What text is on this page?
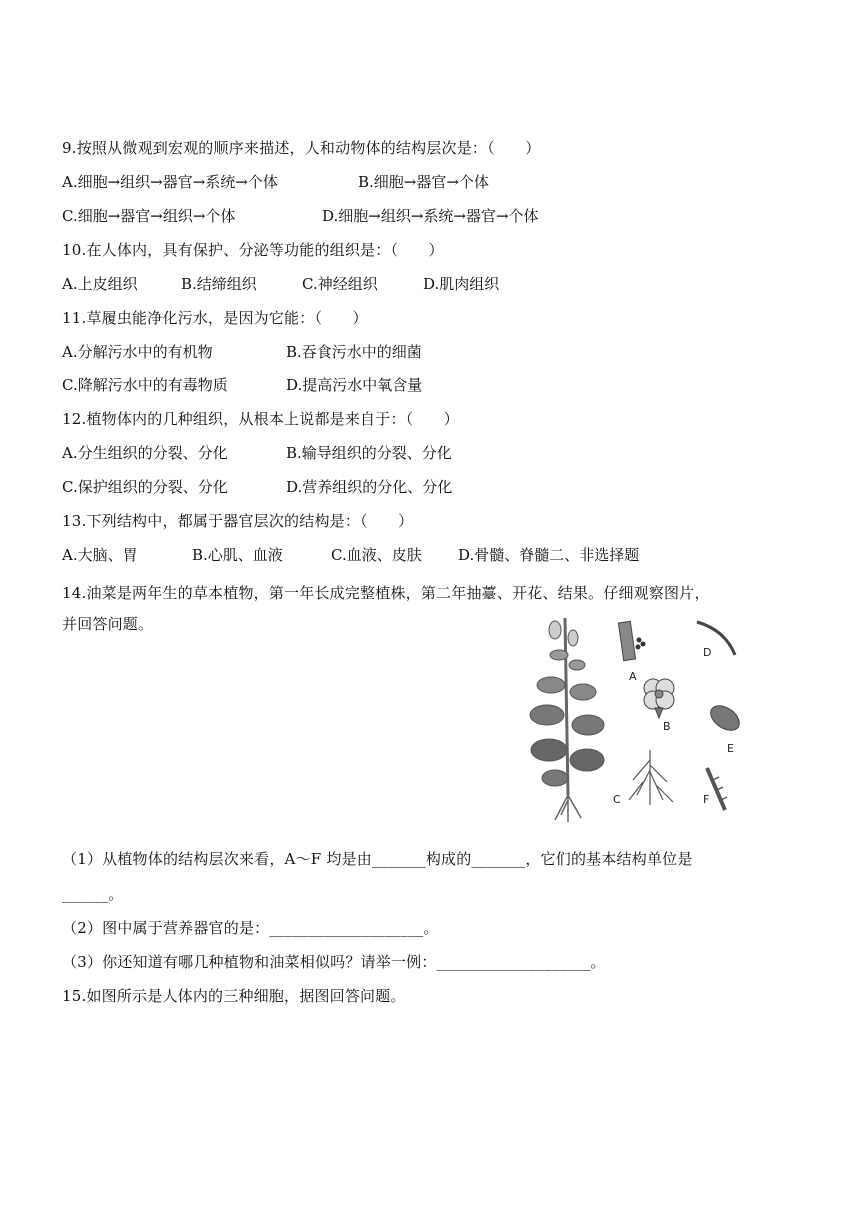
9.按照从微观到宏观的顺序来描述，人和动物体的结构层次是：（　　）
A.细胞→组织→器官→系统→个体	B.细胞→器官→个体
C.细胞→器官→组织→个体	D.细胞→组织→系统→器官→个体
10.在人体内，具有保护、分泌等功能的组织是：（　　）
A.上皮组织	B.结缔组织	C.神经组织	D.肌肉组织
11.草履虫能净化污水，是因为它能：（　　）
A.分解污水中的有机物	B.吞食污水中的细菌
C.降解污水中的有毒物质	D.提高污水中氧含量
12.植物体内的几种组织，从根本上说都是来自于：（　　）
A.分生组织的分裂、分化	B.输导组织的分裂、分化
C.保护组织的分裂、分化	D.营养组织的分化、分化
13.下列结构中，都属于器官层次的结构是：（　　）
A.大脑、胃	B.心肌、血液	C.血液、皮肤 D.骨髓、脊髓二、非选择题
14.油菜是两年生的草本植物，第一年长成完整植株，第二年抽薹、开花、结果。仔细观察图片，
并回答问题。
A
B
C
D
E
F
（1）从植物体的结构层次来看，A～F 均是由_______构成的_______，它们的基本结构单位是
______。
（2）图中属于营养器官的是：____________________。
（3）你还知道有哪几种植物和油菜相似吗？请举一例：____________________。
15.如图所示是人体内的三种细胞，据图回答问题。
